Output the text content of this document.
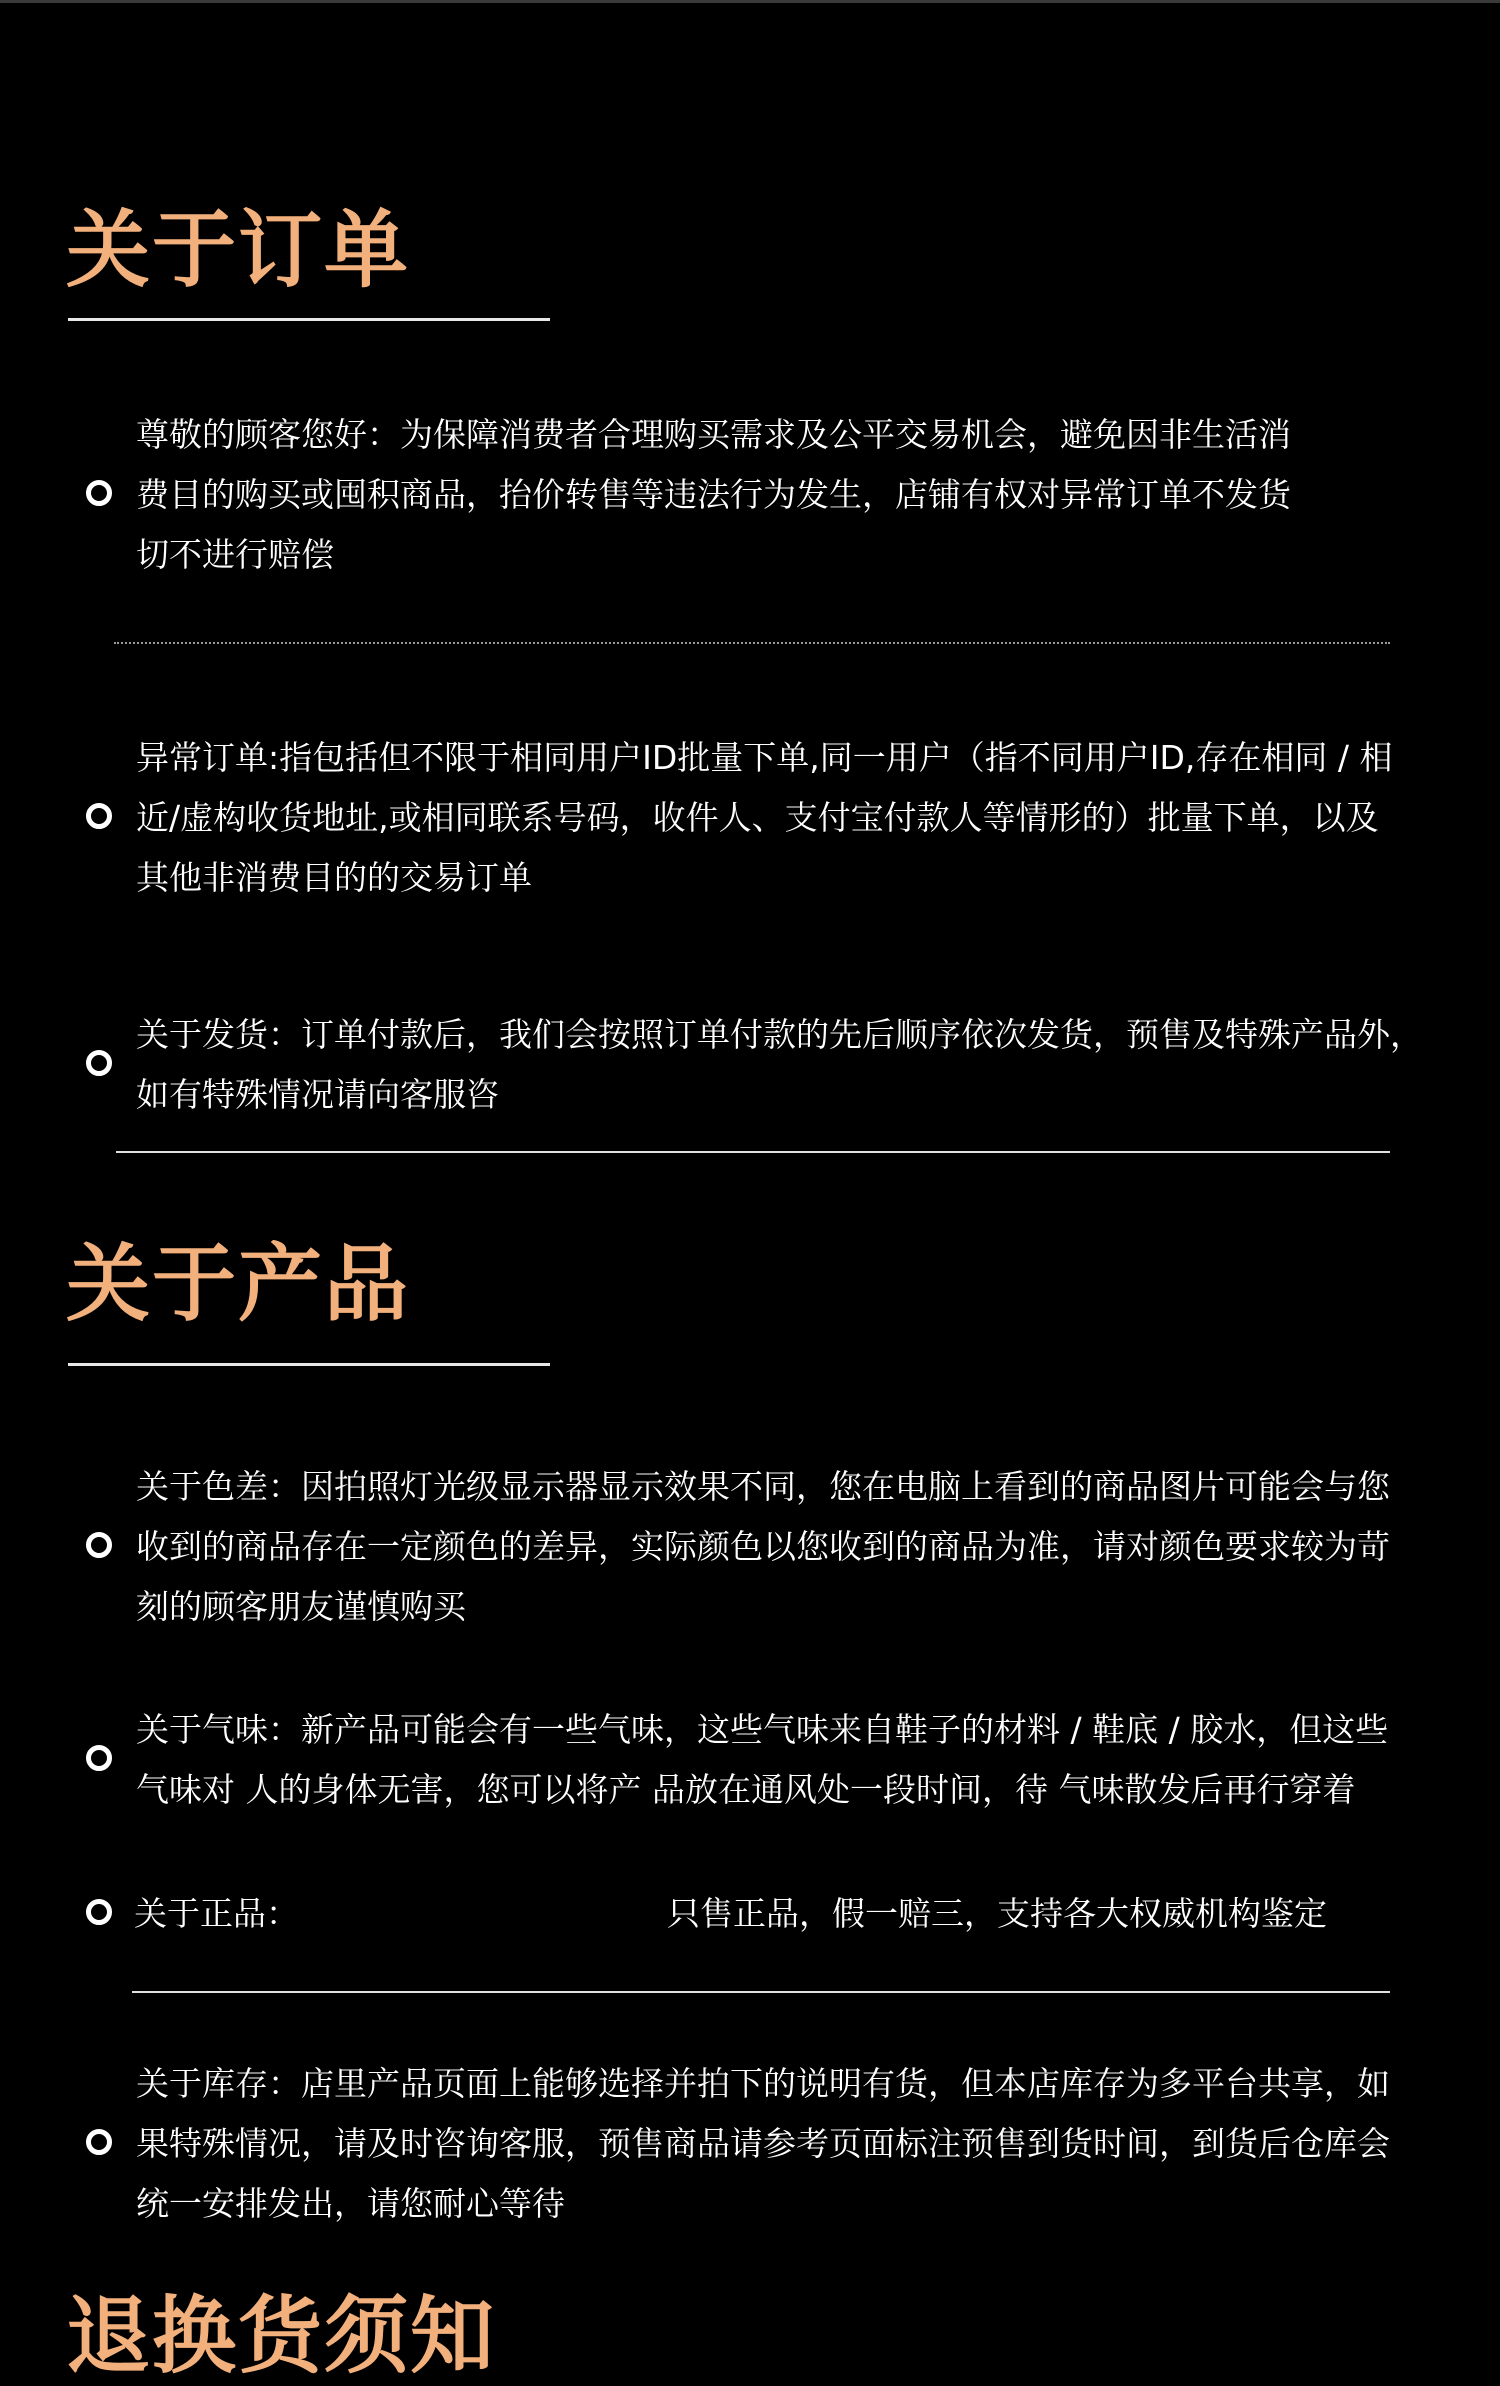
关于订单

尊敬的顾客您好：为保障消费者合理购买需求及公平交易机会，避免因非生活消
费目的购买或囤积商品，抬价转售等违法行为发生，店铺有权对异常订单不发货
切不进行赔偿

异常订单:指包括但不限于相同用户ID批量下单,同一用户（指不同用户ID,存在相同 / 相
近/虚构收货地址,或相同联系号码，收件人、支付宝付款人等情形的）批量下单，以及
其他非消费目的的交易订单

关于发货：订单付款后，我们会按照订单付款的先后顺序依次发货，预售及特殊产品外，
如有特殊情况请向客服咨

关于产品

关于色差：因拍照灯光级显示器显示效果不同，您在电脑上看到的商品图片可能会与您
收到的商品存在一定颜色的差异，实际颜色以您收到的商品为准，请对颜色要求较为苛
刻的顾客朋友谨慎购买

关于气味：新产品可能会有一些气味，这些气味来自鞋子的材料 / 鞋底 / 胶水，但这些
气味对 人的身体无害，您可以将产 品放在通风处一段时间，待 气味散发后再行穿着

关于正品：	只售正品，假一赔三，支持各大权威机构鉴定

关于库存：店里产品页面上能够选择并拍下的说明有货，但本店库存为多平台共享，如
果特殊情况，请及时咨询客服，预售商品请参考页面标注预售到货时间，到货后仓库会
统一安排发出，请您耐心等待

退换货须知
